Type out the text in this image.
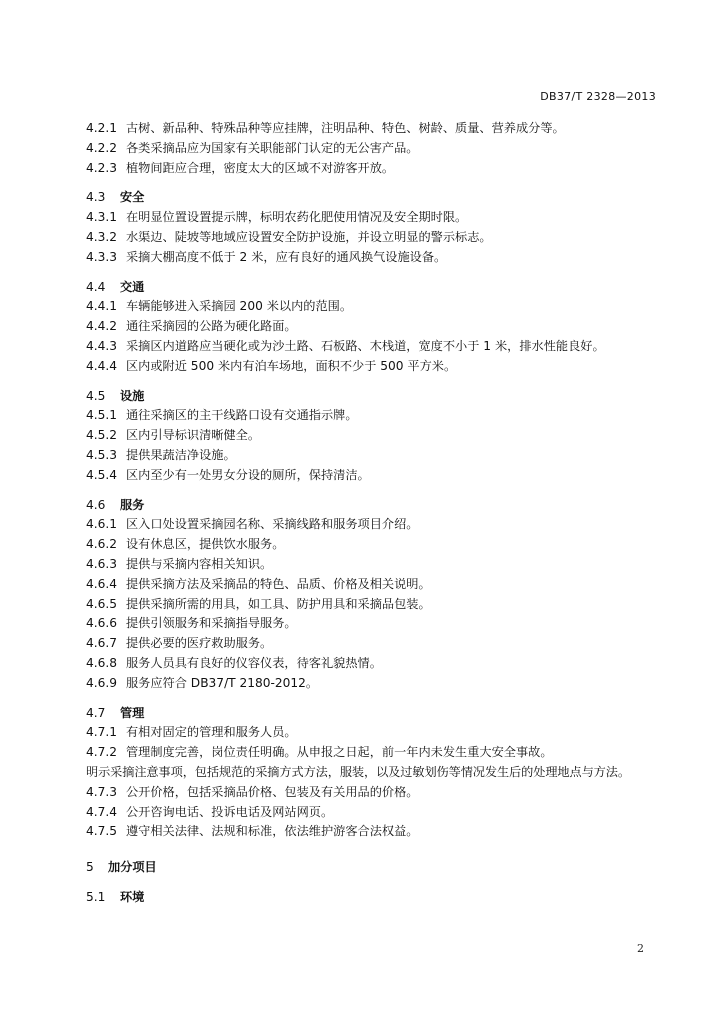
DB37/T 2328—2013
4.2.1 古树、新品种、特殊品种等应挂牌，注明品种、特色、树龄、质量、营养成分等。
4.2.2 各类采摘品应为国家有关职能部门认定的无公害产品。
4.2.3 植物间距应合理，密度太大的区域不对游客开放。
4.3 安全
4.3.1 在明显位置设置提示牌，标明农药化肥使用情况及安全期时限。
4.3.2 水渠边、陡坡等地域应设置安全防护设施，并设立明显的警示标志。
4.3.3 采摘大棚高度不低于 2 米，应有良好的通风换气设施设备。
4.4 交通
4.4.1 车辆能够进入采摘园 200 米以内的范围。
4.4.2 通往采摘园的公路为硬化路面。
4.4.3 采摘区内道路应当硬化或为沙土路、石板路、木栈道，宽度不小于 1 米，排水性能良好。
4.4.4 区内或附近 500 米内有泊车场地，面积不少于 500 平方米。
4.5 设施
4.5.1 通往采摘区的主干线路口设有交通指示牌。
4.5.2 区内引导标识清晰健全。
4.5.3 提供果蔬洁净设施。
4.5.4 区内至少有一处男女分设的厕所，保持清洁。
4.6 服务
4.6.1 区入口处设置采摘园名称、采摘线路和服务项目介绍。
4.6.2 设有休息区，提供饮水服务。
4.6.3 提供与采摘内容相关知识。
4.6.4 提供采摘方法及采摘品的特色、品质、价格及相关说明。
4.6.5 提供采摘所需的用具，如工具、防护用具和采摘品包装。
4.6.6 提供引领服务和采摘指导服务。
4.6.7 提供必要的医疗救助服务。
4.6.8 服务人员具有良好的仪容仪表，待客礼貌热情。
4.6.9 服务应符合 DB37/T 2180-2012。
4.7 管理
4.7.1 有相对固定的管理和服务人员。
4.7.2 管理制度完善，岗位责任明确。从申报之日起，前一年内未发生重大安全事故。
明示采摘注意事项，包括规范的采摘方式方法，服装，以及过敏划伤等情况发生后的处理地点与方法。
4.7.3 公开价格，包括采摘品价格、包装及有关用品的价格。
4.7.4 公开咨询电话、投诉电话及网站网页。
4.7.5 遵守相关法律、法规和标准，依法维护游客合法权益。
5 加分项目
5.1 环境
2
